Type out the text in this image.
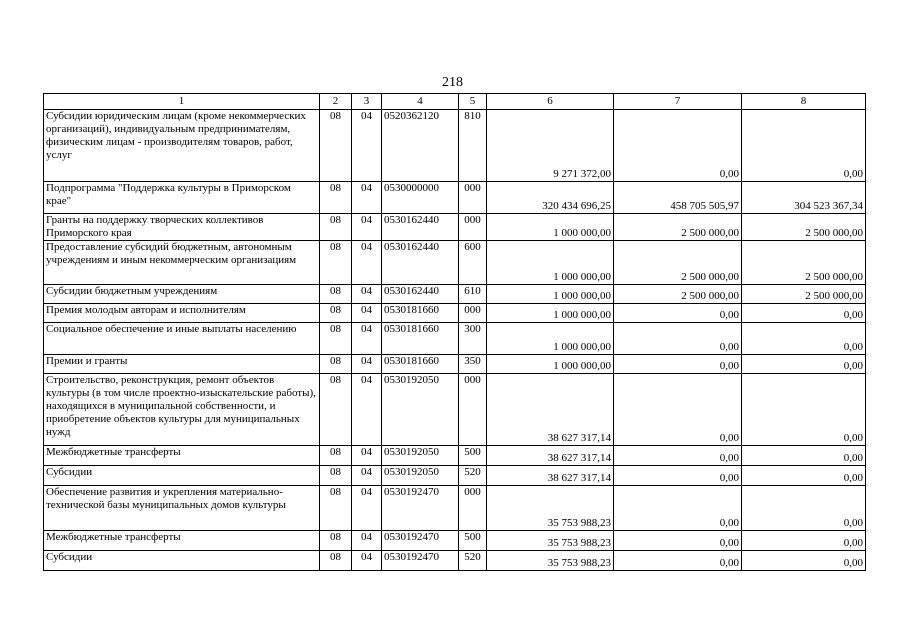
218
1	2	3	4	5	6	7	8
Субсидии юридическим лицам (кроме некоммерческих организаций), индивидуальным предпринимателям, физическим лицам - производителям товаров, работ, услуг	08	04	0520362120	810	9 271 372,00	0,00	0,00
Подпрограмма "Поддержка культуры в Приморском крае"	08	04	0530000000	000	320 434 696,25	458 705 505,97	304 523 367,34
Гранты на поддержку творческих коллективов Приморского края	08	04	0530162440	000	1 000 000,00	2 500 000,00	2 500 000,00
Предоставление субсидий бюджетным, автономным учреждениям и иным некоммерческим организациям	08	04	0530162440	600	1 000 000,00	2 500 000,00	2 500 000,00
Субсидии бюджетным учреждениям	08	04	0530162440	610	1 000 000,00	2 500 000,00	2 500 000,00
Премия молодым авторам и исполнителям	08	04	0530181660	000	1 000 000,00	0,00	0,00
Социальное обеспечение и иные выплаты населению	08	04	0530181660	300	1 000 000,00	0,00	0,00
Премии и гранты	08	04	0530181660	350	1 000 000,00	0,00	0,00
Строительство, реконструкция, ремонт объектов культуры (в том числе проектно-изыскательские работы), находящихся в муниципальной собственности, и приобретение объектов культуры для муниципальных нужд	08	04	0530192050	000	38 627 317,14	0,00	0,00
Межбюджетные трансферты	08	04	0530192050	500	38 627 317,14	0,00	0,00
Субсидии	08	04	0530192050	520	38 627 317,14	0,00	0,00
Обеспечение развития и укрепления материально-технической базы муниципальных домов культуры	08	04	0530192470	000	35 753 988,23	0,00	0,00
Межбюджетные трансферты	08	04	0530192470	500	35 753 988,23	0,00	0,00
Субсидии	08	04	0530192470	520	35 753 988,23	0,00	0,00
